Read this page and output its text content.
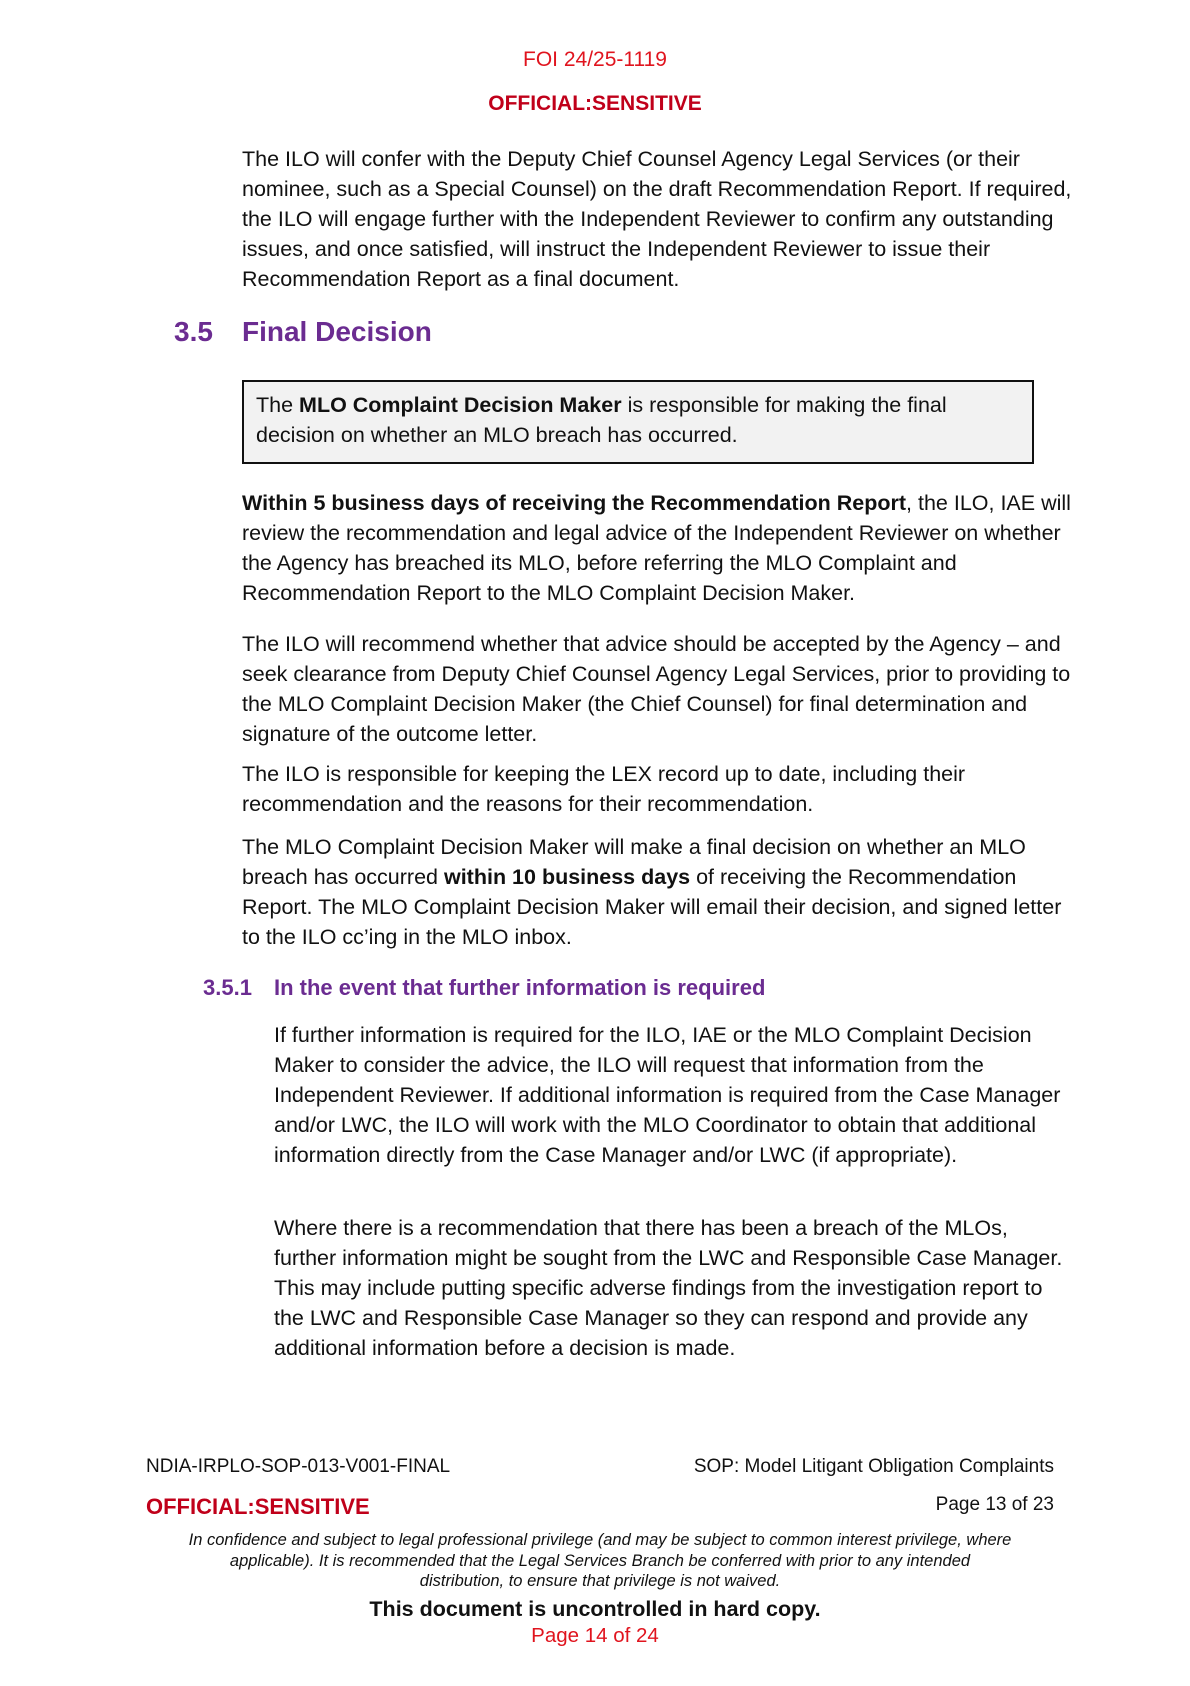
FOI 24/25-1119
OFFICIAL:SENSITIVE

The ILO will confer with the Deputy Chief Counsel Agency Legal Services (or their nominee, such as a Special Counsel) on the draft Recommendation Report. If required, the ILO will engage further with the Independent Reviewer to confirm any outstanding issues, and once satisfied, will instruct the Independent Reviewer to issue their Recommendation Report as a final document.

3.5 Final Decision
The MLO Complaint Decision Maker is responsible for making the final decision on whether an MLO breach has occurred.

Within 5 business days of receiving the Recommendation Report, the ILO, IAE will review the recommendation and legal advice of the Independent Reviewer on whether the Agency has breached its MLO, before referring the MLO Complaint and Recommendation Report to the MLO Complaint Decision Maker.

The ILO will recommend whether that advice should be accepted by the Agency – and seek clearance from Deputy Chief Counsel Agency Legal Services, prior to providing to the MLO Complaint Decision Maker (the Chief Counsel) for final determination and signature of the outcome letter.

The ILO is responsible for keeping the LEX record up to date, including their recommendation and the reasons for their recommendation.

The MLO Complaint Decision Maker will make a final decision on whether an MLO breach has occurred within 10 business days of receiving the Recommendation Report. The MLO Complaint Decision Maker will email their decision, and signed letter to the ILO cc’ing in the MLO inbox.

3.5.1 In the event that further information is required

If further information is required for the ILO, IAE or the MLO Complaint Decision Maker to consider the advice, the ILO will request that information from the Independent Reviewer. If additional information is required from the Case Manager and/or LWC, the ILO will work with the MLO Coordinator to obtain that additional information directly from the Case Manager and/or LWC (if appropriate).

Where there is a recommendation that there has been a breach of the MLOs, further information might be sought from the LWC and Responsible Case Manager. This may include putting specific adverse findings from the investigation report to the LWC and Responsible Case Manager so they can respond and provide any additional information before a decision is made.

NDIA-IRPLO-SOP-013-V001-FINAL	SOP: Model Litigant Obligation Complaints
OFFICIAL:SENSITIVE	Page 13 of 23
In confidence and subject to legal professional privilege (and may be subject to common interest privilege, where
applicable). It is recommended that the Legal Services Branch be conferred with prior to any intended
distribution, to ensure that privilege is not waived.
This document is uncontrolled in hard copy.
Page 14 of 24
